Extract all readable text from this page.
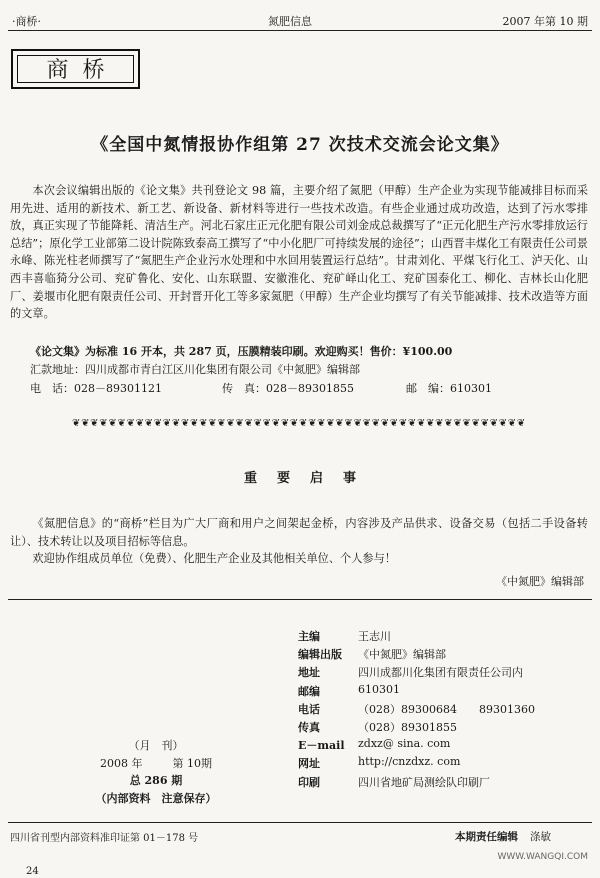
·商桥·	氮肥信息	2007 年第 10 期
商桥
《全国中氮情报协作组第 27 次技术交流会论文集》

本次会议编辑出版的《论文集》共刊登论文 98 篇，主要介绍了氮肥（甲醇）生产企业为实现节能减排目标而采用先进、适用的新技术、新工艺、新设备、新材料等进行一些技术改造。有些企业通过成功改造，达到了污水零排放，真正实现了节能降耗、清洁生产。河北石家庄正元化肥有限公司刘金成总裁撰写了“正元化肥生产污水零排放运行总结”；原化学工业部第二设计院陈致泰高工撰写了“中小化肥厂可持续发展的途径”；山西晋丰煤化工有限责任公司景永峰、陈光柱老师撰写了“氮肥生产企业污水处理和中水回用装置运行总结”。甘肃刘化、平煤飞行化工、泸天化、山西丰喜临猗分公司、兖矿鲁化、安化、山东联盟、安徽淮化、兖矿峄山化工、兖矿国泰化工、柳化、吉林长山化肥厂、姜堰市化肥有限责任公司、开封晋开化工等多家氮肥（甲醇）生产企业均撰写了有关节能减排、技术改造等方面的文章。

《论文集》为标准 16 开本，共 287 页，压膜精装印刷。欢迎购买！售价：¥100.00
汇款地址：四川成都市青白江区川化集团有限公司《中氮肥》编辑部
电　话：028－89301121	传　真：028－89301855	邮　编：610301
❦❦❦❦❦❦❦❦❦❦❦❦❦❦❦❦❦❦❦❦❦❦❦❦❦❦❦❦❦❦❦❦❦❦❦❦❦❦❦❦❦❦❦❦❦❦❦❦❦❦
重要启事

《氮肥信息》的“商桥”栏目为广大厂商和用户之间架起金桥，内容涉及产品供求、设备交易（包括二手设备转让）、技术转让以及项目招标等信息。

欢迎协作组成员单位（免费）、化肥生产企业及其他相关单位、个人参与！

《中氮肥》编辑部
主编	王志川
编辑出版	《中氮肥》编辑部
地址	四川成都川化集团有限责任公司内
邮编	610301
电话	（028）89300684　　89301360
传真	（028）89301855
E－mail	zdxz@ sina. com
网址	http://cnzdxz. com
印刷	四川省地矿局测绘队印刷厂
（月　刊）
2008 年	第 10期
总 286 期
（内部资料　注意保存）
四川省刊型内部资料准印证第 01－178 号	本期责任编辑 涤敏
WWW.WANGQI.COM
24
